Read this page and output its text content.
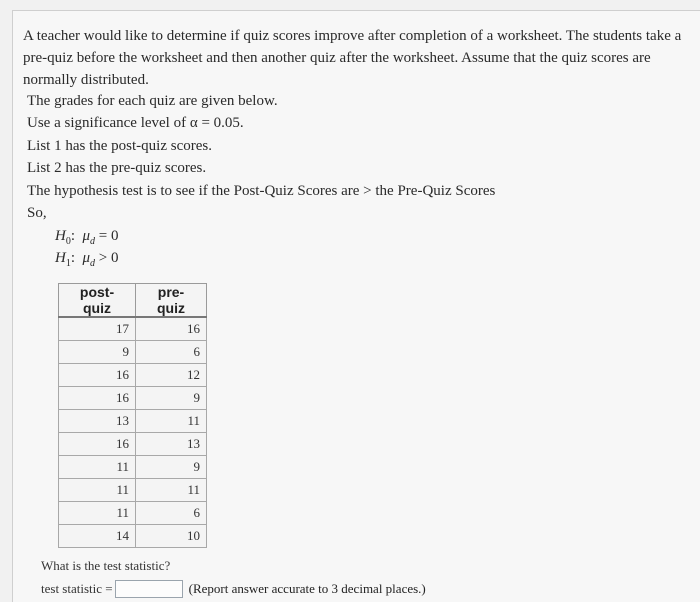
A teacher would like to determine if quiz scores improve after completion of a worksheet. The students take a pre-quiz before the worksheet and then another quiz after the worksheet. Assume that the quiz scores are normally distributed.

The grades for each quiz are given below.
Use a significance level of α = 0.05.
List 1 has the post-quiz scores.
List 2 has the pre-quiz scores.
The hypothesis test is to see if the Post-Quiz Scores are > the Pre-Quiz Scores
So,
$H_0$: $\mu_d = 0$
$H_1$: $\mu_d > 0$
post-quiz	pre-quiz
17	16
9	6
16	12
16	9
13	11
16	13
11	9
11	11
11	6
14	10
What is the test statistic?
test statistic =	(Report answer accurate to 3 decimal places.)
